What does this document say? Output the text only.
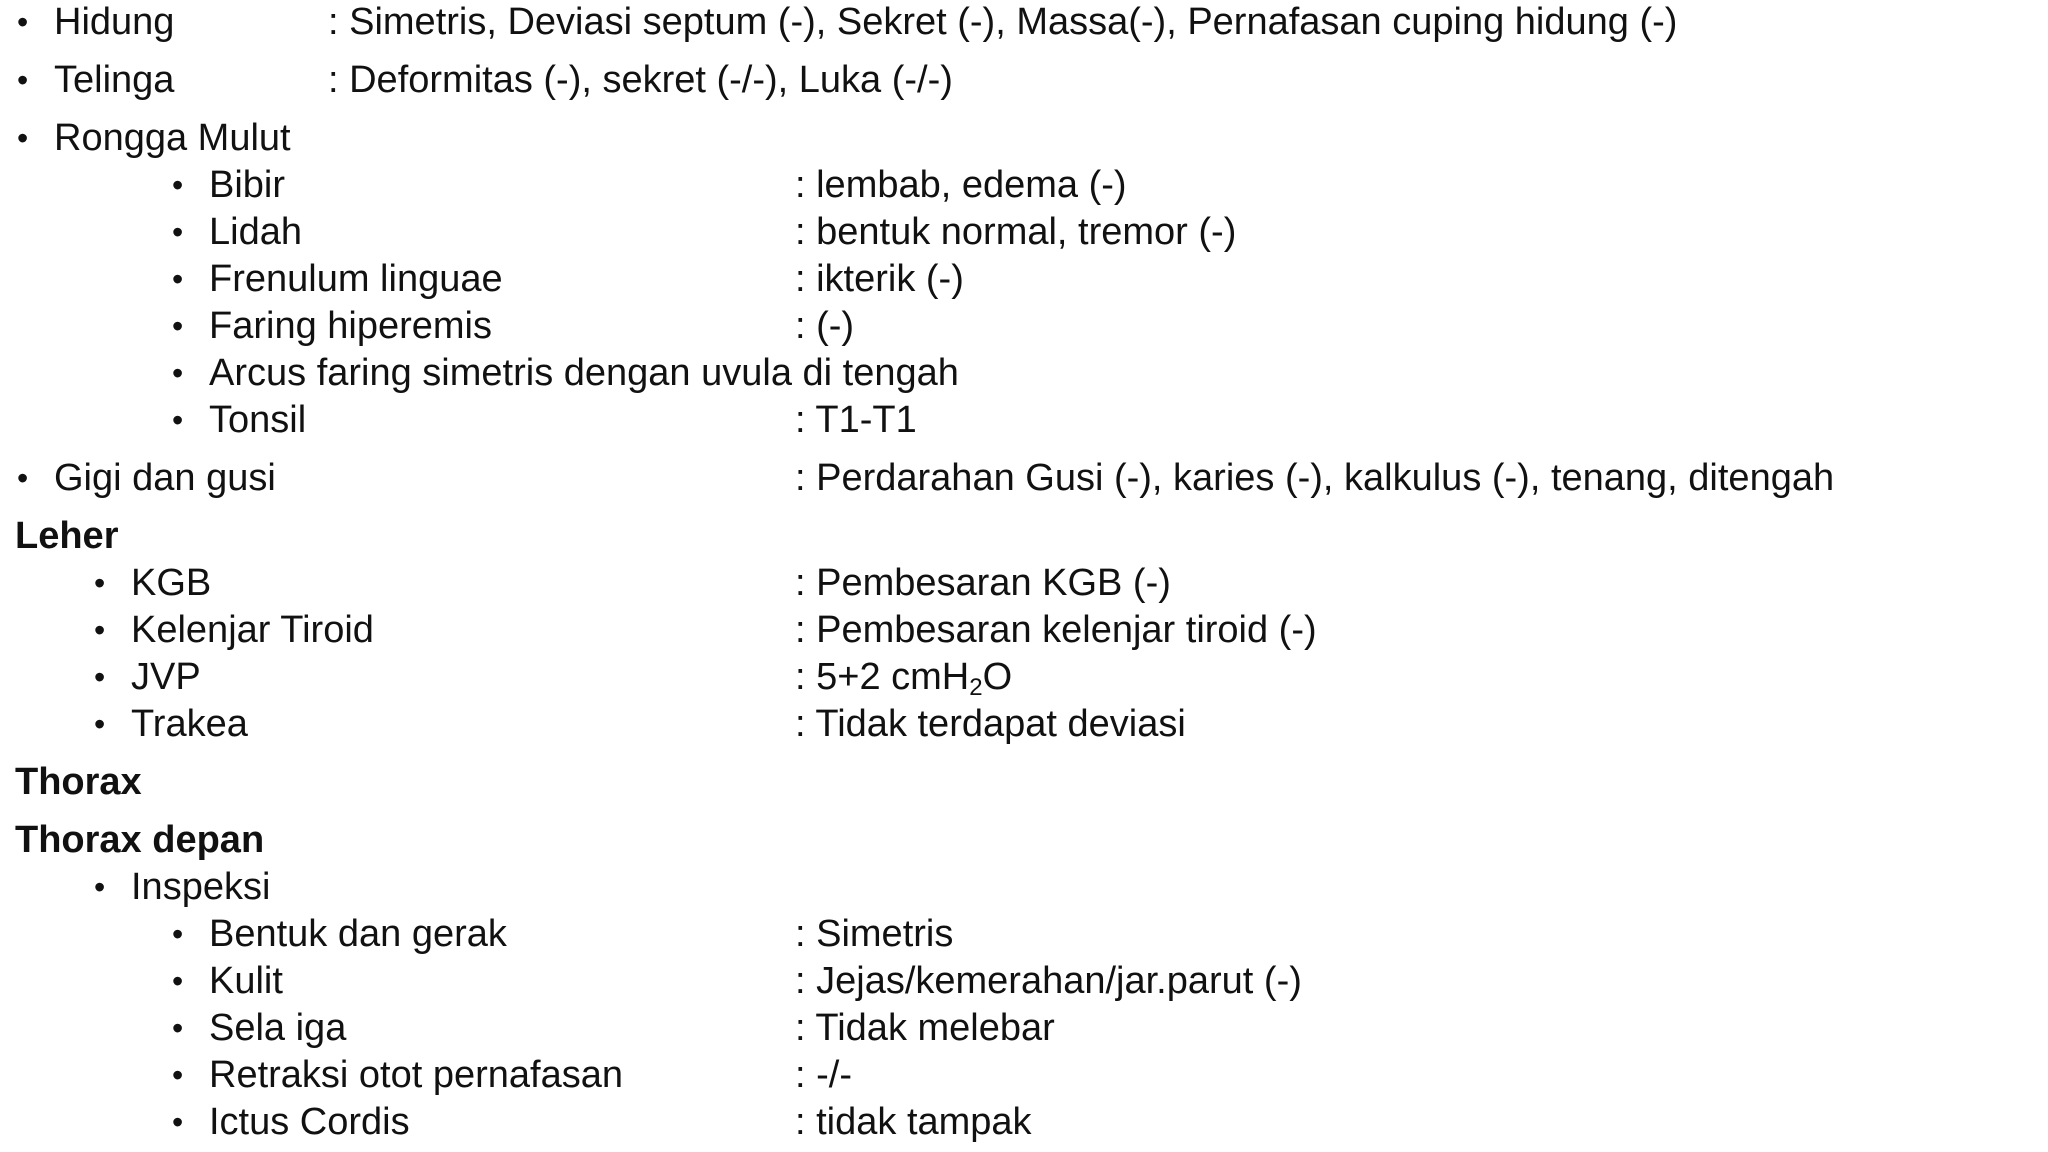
• Hidung	: Simetris, Deviasi septum (-), Sekret (-), Massa(-), Pernafasan cuping hidung (-)
• Telinga	: Deformitas (-), sekret (-/-), Luka (-/-)
• Rongga Mulut
• Bibir	: lembab, edema (-)
• Lidah	: bentuk normal, tremor (-)
• Frenulum linguae	: ikterik (-)
• Faring hiperemis	: (-)
• Arcus faring simetris dengan uvula di tengah
• Tonsil	: T1-T1
• Gigi dan gusi	: Perdarahan Gusi (-), karies (-), kalkulus (-), tenang, ditengah
Leher
• KGB	: Pembesaran KGB (-)
• Kelenjar Tiroid	: Pembesaran kelenjar tiroid (-)
• JVP	: 5+2 cmH$_2$O
• Trakea	: Tidak terdapat deviasi
Thorax
Thorax depan
• Inspeksi
• Bentuk dan gerak	: Simetris
• Kulit	: Jejas/kemerahan/jar.parut (-)
• Sela iga	: Tidak melebar
• Retraksi otot pernafasan	: -/-
• Ictus Cordis	: tidak tampak
